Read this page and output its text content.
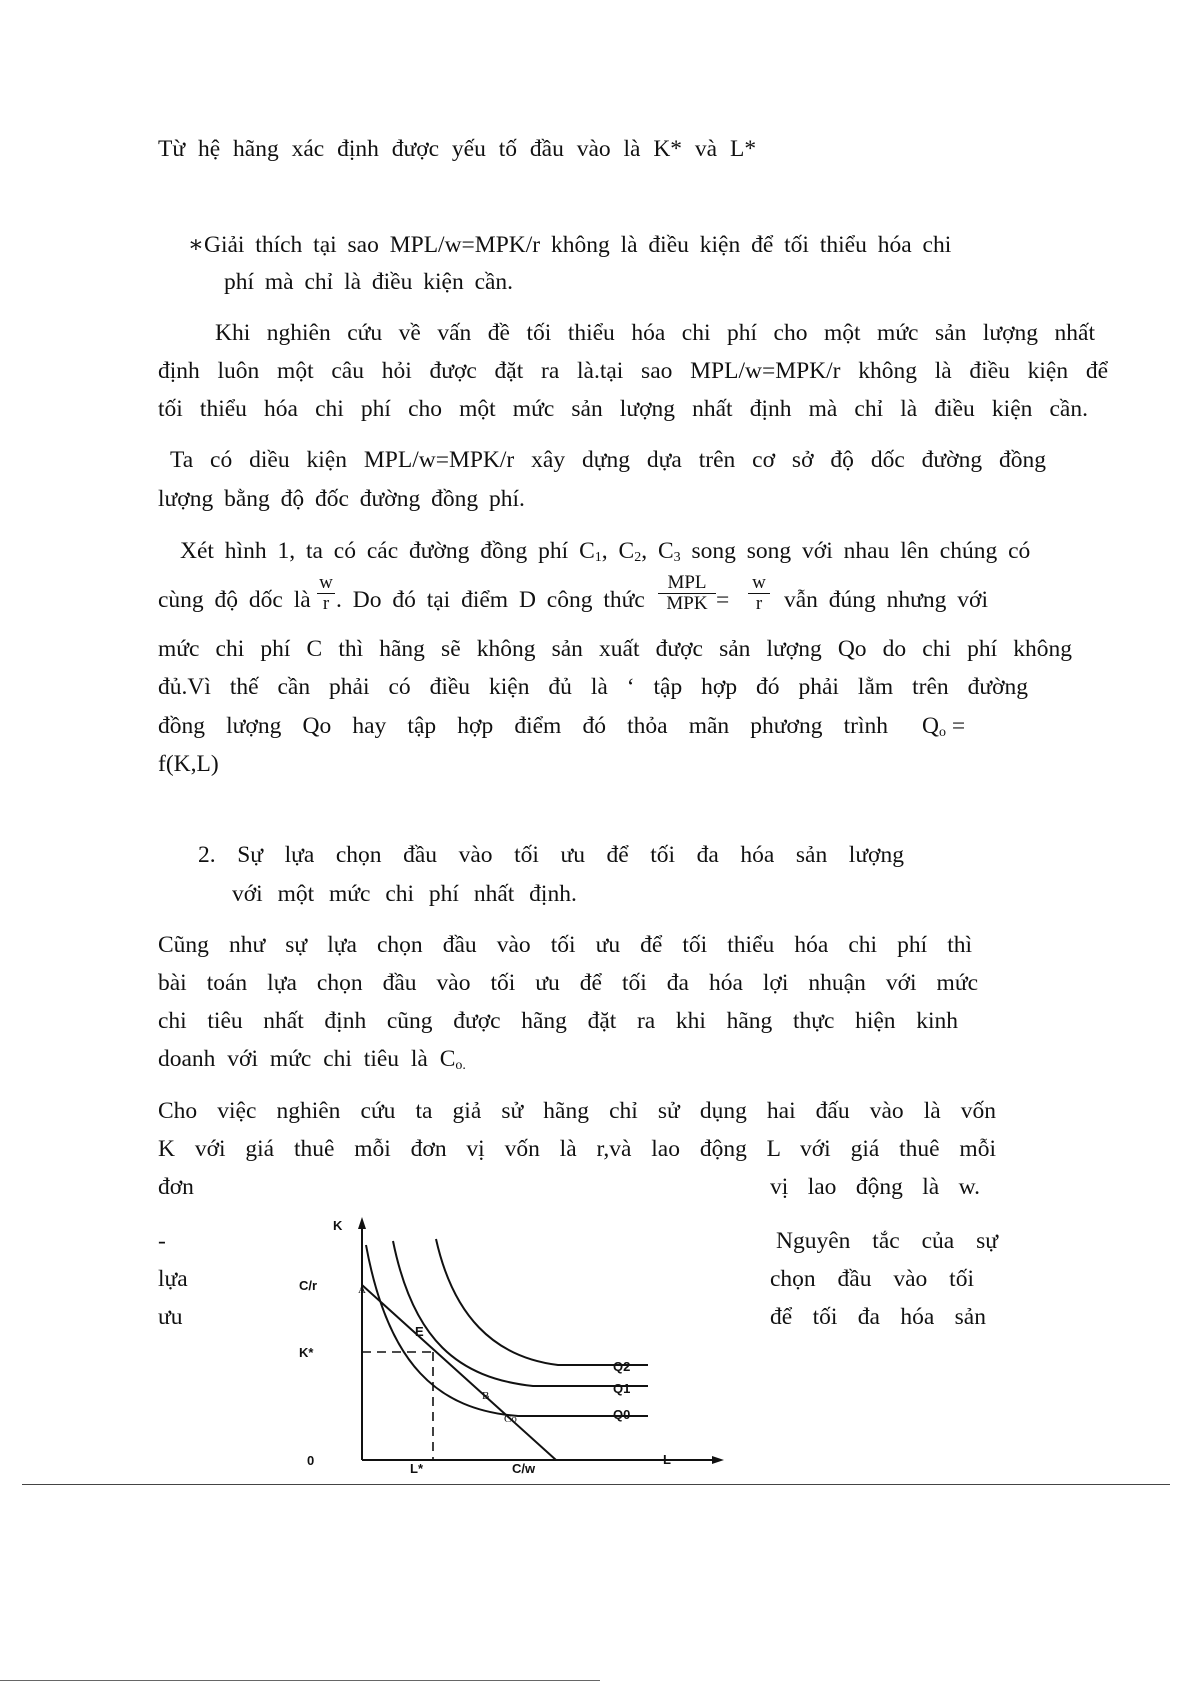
Từ hệ hãng xác định được yếu tố đầu vào là K* và L*
∗Giải thích tại sao MPL/w=MPK/r không là điều kiện để tối thiểu hóa chi
phí mà chỉ là điều kiện cần.
Khi nghiên cứu về vấn đề tối thiểu hóa chi phí cho một mức sản lượng nhất
định luôn một câu hỏi được đặt ra là.tại sao MPL/w=MPK/r không là điều kiện để
tối thiểu hóa chi phí cho một mức sản lượng nhất định mà chỉ là điều kiện cần.
Ta có diều kiện MPL/w=MPK/r xây dựng dựa trên cơ sở độ dốc đường đồng
lượng bằng độ đốc đường đồng phí.
Xét hình 1, ta có các đường đồng phí $C_1$, $C_2$, $C_3$ song song với nhau lên chúng có
cùng độ dốc là $\frac{w}{r}$ . Do đó tại điểm D công thức
MPL
MPK = $\frac{w}{r}$ vẫn đúng nhưng với
mức chi phí C thì hãng sẽ không sản xuất được sản lượng Qo do chi phí không
đủ.Vì thế cần phải có điều kiện đủ là ‘ tập hợp đó phải lằm trên đường
đồng lượng Qo hay tập hợp điểm đó thỏa mãn phương trình $Q_o$ =
f(K,L)
2. Sự lựa chọn đầu vào tối ưu để tối đa hóa sản lượng
với một mức chi phí nhất định.
Cũng như sự lựa chọn đầu vào tối ưu để tối thiểu hóa chi phí thì
bài toán lựa chọn đầu vào tối ưu để tối đa hóa lợi nhuận với mức
chi tiêu nhất định cũng được hãng đặt ra khi hãng thực hiện kinh
doanh với mức chi tiêu là $C_{o.}$
Cho việc nghiên cứu ta giả sử hãng chỉ sử dụng hai đấu vào là vốn
K với giá thuê mỗi đơn vị vốn là r,và lao động L với giá thuê mỗi
đơn	vị lao động là w.
-	Nguyên tắc của sự
lựa	chọn đầu vào tối
ưu	để tối đa hóa sản
K
L
0
C/r
K*
L*	C/w
A
E
B
Co
Q2
Q1
Q0
